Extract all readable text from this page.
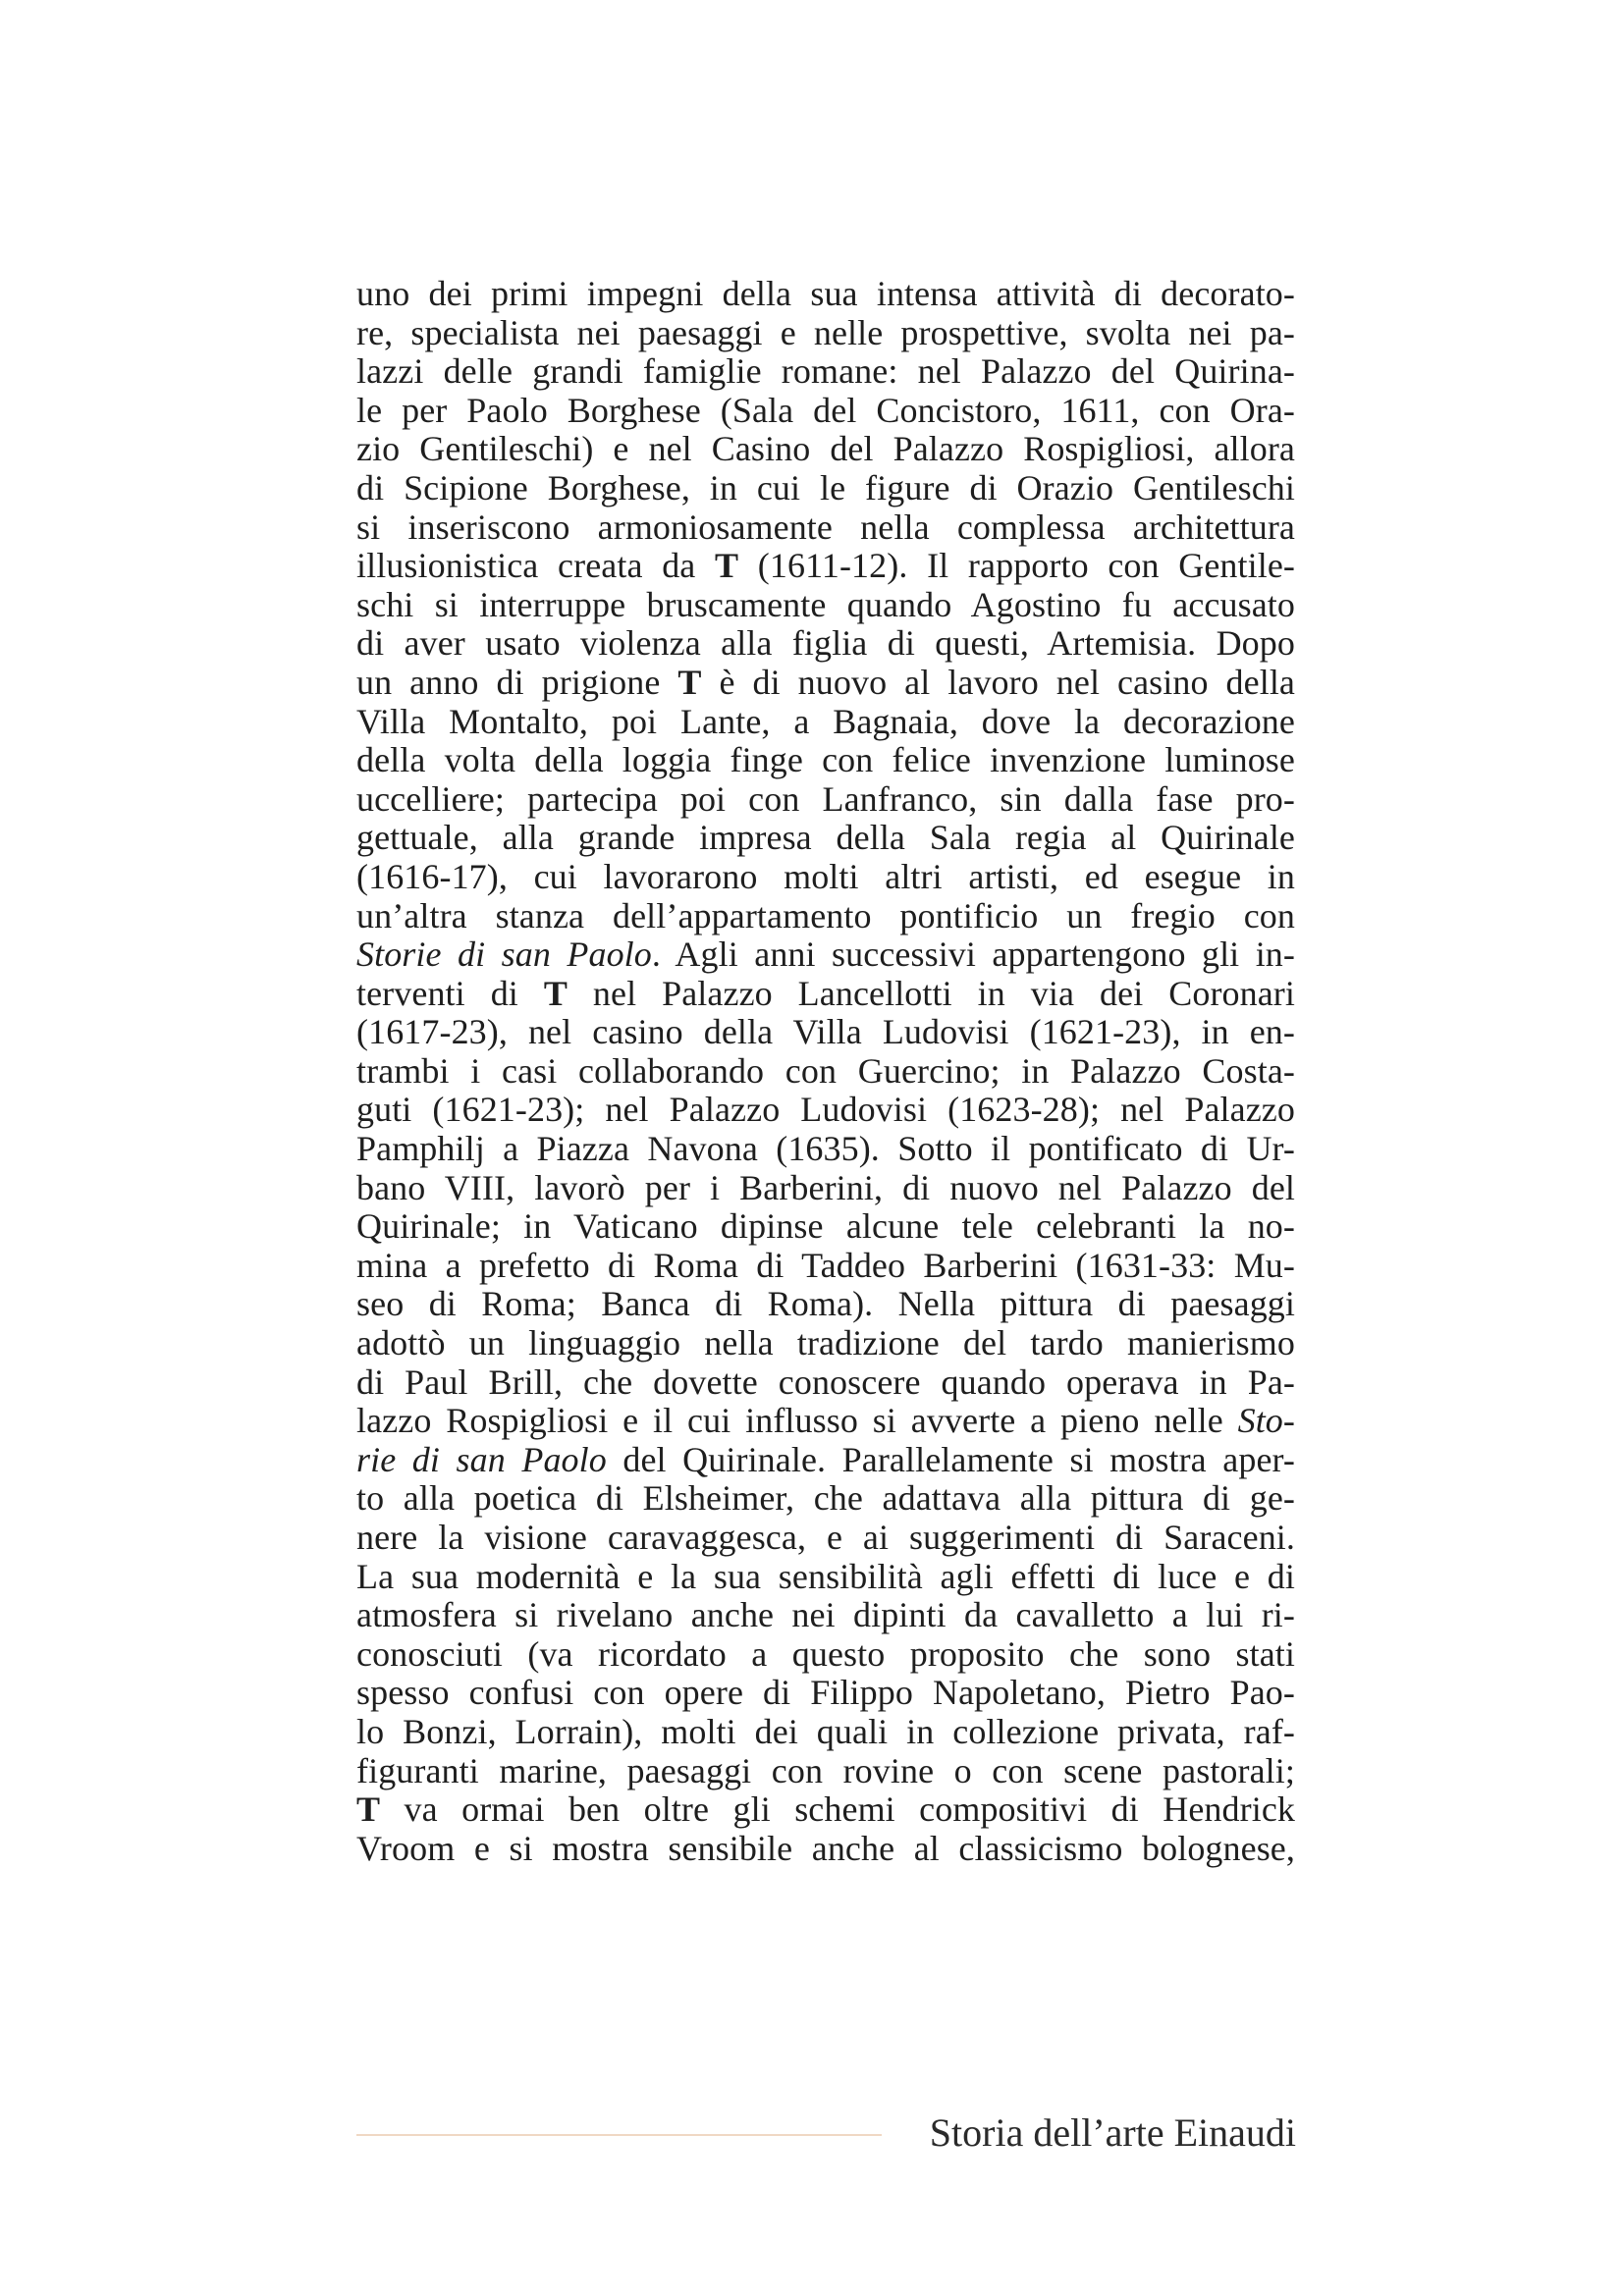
uno dei primi impegni della sua intensa attività di decorato-
re, specialista nei paesaggi e nelle prospettive, svolta nei pa-
lazzi delle grandi famiglie romane: nel Palazzo del Quirina-
le per Paolo Borghese (Sala del Concistoro, 1611, con Ora-
zio Gentileschi) e nel Casino del Palazzo Rospigliosi, allora
di Scipione Borghese, in cui le figure di Orazio Gentileschi
si inseriscono armoniosamente nella complessa architettura
illusionistica creata da T (1611-12). Il rapporto con Gentile-
schi si interruppe bruscamente quando Agostino fu accusato
di aver usato violenza alla figlia di questi, Artemisia. Dopo
un anno di prigione T è di nuovo al lavoro nel casino della
Villa Montalto, poi Lante, a Bagnaia, dove la decorazione
della volta della loggia finge con felice invenzione luminose
uccelliere; partecipa poi con Lanfranco, sin dalla fase pro-
gettuale, alla grande impresa della Sala regia al Quirinale
(1616-17), cui lavorarono molti altri artisti, ed esegue in
un’altra stanza dell’appartamento pontificio un fregio con
Storie di san Paolo. Agli anni successivi appartengono gli in-
terventi di T nel Palazzo Lancellotti in via dei Coronari
(1617-23), nel casino della Villa Ludovisi (1621-23), in en-
trambi i casi collaborando con Guercino; in Palazzo Costa-
guti (1621-23); nel Palazzo Ludovisi (1623-28); nel Palazzo
Pamphilj a Piazza Navona (1635). Sotto il pontificato di Ur-
bano VIII, lavorò per i Barberini, di nuovo nel Palazzo del
Quirinale; in Vaticano dipinse alcune tele celebranti la no-
mina a prefetto di Roma di Taddeo Barberini (1631-33: Mu-
seo di Roma; Banca di Roma). Nella pittura di paesaggi
adottò un linguaggio nella tradizione del tardo manierismo
di Paul Brill, che dovette conoscere quando operava in Pa-
lazzo Rospigliosi e il cui influsso si avverte a pieno nelle Sto-
rie di san Paolo del Quirinale. Parallelamente si mostra aper-
to alla poetica di Elsheimer, che adattava alla pittura di ge-
nere la visione caravaggesca, e ai suggerimenti di Saraceni.
La sua modernità e la sua sensibilità agli effetti di luce e di
atmosfera si rivelano anche nei dipinti da cavalletto a lui ri-
conosciuti (va ricordato a questo proposito che sono stati
spesso confusi con opere di Filippo Napoletano, Pietro Pao-
lo Bonzi, Lorrain), molti dei quali in collezione privata, raf-
figuranti marine, paesaggi con rovine o con scene pastorali;
T va ormai ben oltre gli schemi compositivi di Hendrick
Vroom e si mostra sensibile anche al classicismo bolognese,
Storia dell’arte Einaudi
